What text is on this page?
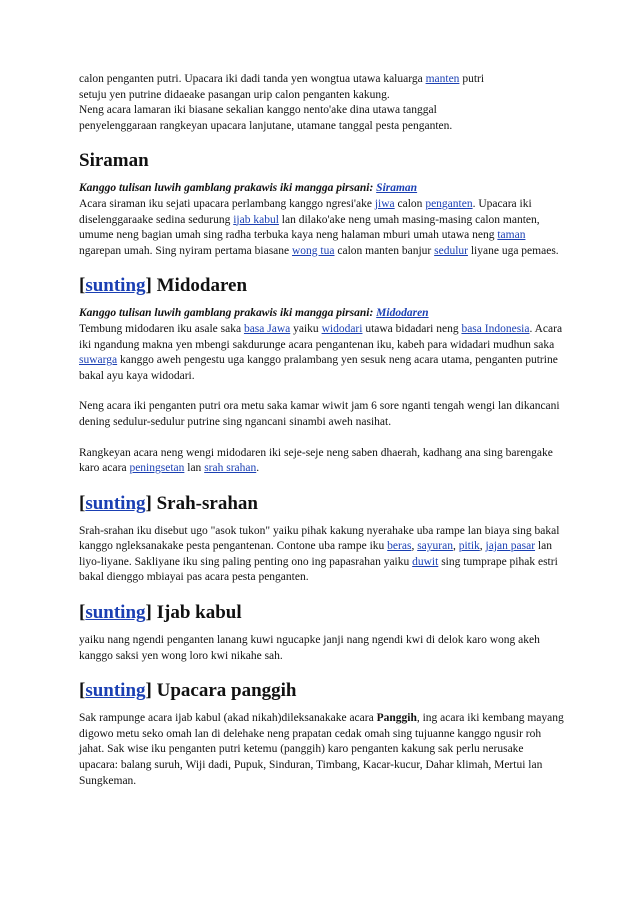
calon penganten putri. Upacara iki dadi tanda yen wongtua utawa kaluarga manten putri
setuju yen putrine didaeake pasangan urip calon penganten kakung.
Neng acara lamaran iki biasane sekalian kanggo nento'ake dina utawa tanggal
penyelenggaraan rangkeyan upacara lanjutane, utamane tanggal pesta penganten.

Siraman

Kanggo tulisan luwih gamblang prakawis iki mangga pirsani: Siraman
Acara siraman iku sejati upacara perlambang kanggo ngresi'ake jiwa calon penganten. Upacara iki diselenggaraake sedina sedurung ijab kabul lan dilako'ake neng umah masing-masing calon manten, umume neng bagian umah sing radha terbuka kaya neng halaman mburi umah utawa neng taman ngarepan umah. Sing nyiram pertama biasane wong tua calon manten banjur sedulur liyane uga pemaes.

[sunting] Midodaren

Kanggo tulisan luwih gamblang prakawis iki mangga pirsani: Midodaren
Tembung midodaren iku asale saka basa Jawa yaiku widodari utawa bidadari neng basa Indonesia. Acara iki ngandung makna yen mbengi sakdurunge acara pengantenan iku, kabeh para widadari mudhun saka suwarga kanggo aweh pengestu uga kanggo pralambang yen sesuk neng acara utama, penganten putrine bakal ayu kaya widodari.

Neng acara iki penganten putri ora metu saka kamar wiwit jam 6 sore nganti tengah wengi lan dikancani dening sedulur-sedulur putrine sing ngancani sinambi aweh nasihat.

Rangkeyan acara neng wengi midodaren iki seje-seje neng saben dhaerah, kadhang ana sing barengake karo acara peningsetan lan srah srahan.

[sunting] Srah-srahan

Srah-srahan iku disebut ugo "asok tukon" yaiku pihak kakung nyerahake uba rampe lan biaya sing bakal kanggo ngleksanakake pesta pengantenan. Contone uba rampe iku beras, sayuran, pitik, jajan pasar lan liyo-liyane. Sakliyane iku sing paling penting ono ing papasrahan yaiku duwit sing tumprape pihak estri bakal dienggo mbiayai pas acara pesta penganten.

[sunting] Ijab kabul

yaiku nang ngendi penganten lanang kuwi ngucapke janji nang ngendi kwi di delok karo wong akeh kanggo saksi yen wong loro kwi nikahe sah.

[sunting] Upacara panggih

Sak rampunge acara ijab kabul (akad nikah)dileksanakake acara Panggih, ing acara iki kembang mayang digowo metu seko omah lan di delehake neng prapatan cedak omah sing tujuanne kanggo ngusir roh jahat. Sak wise iku penganten putri ketemu (panggih) karo penganten kakung sak perlu nerusake upacara: balang suruh, Wiji dadi, Pupuk, Sinduran, Timbang, Kacar-kucur, Dahar klimah, Mertui lan Sungkeman.
